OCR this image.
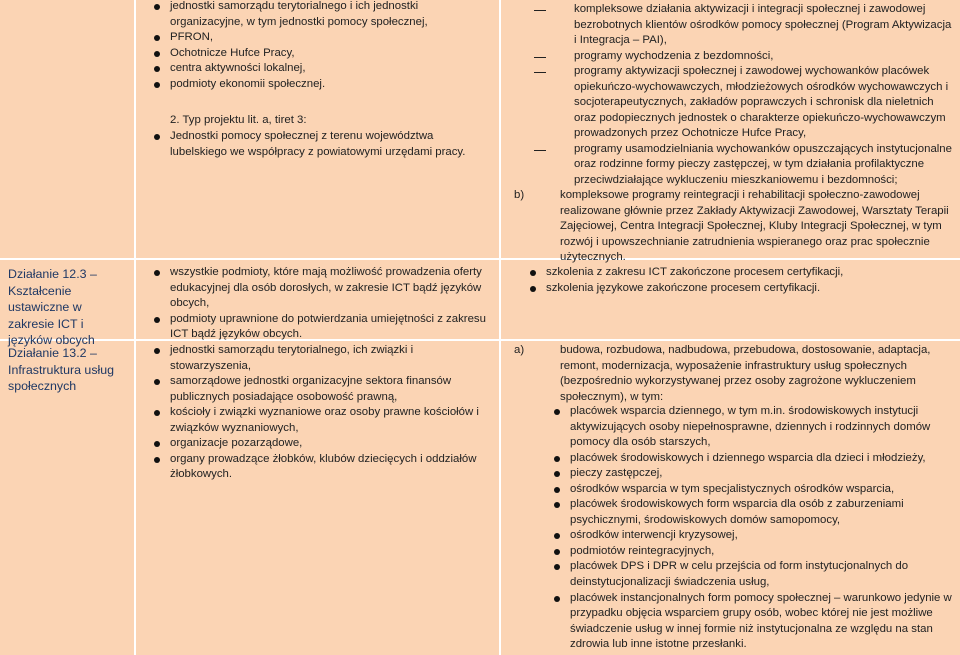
Działanie 12.3 – Kształcenie ustawiczne w zakresie ICT i języków obcych
Działanie 13.2 – Infrastruktura usług społecznych
jednostki samorządu terytorialnego i ich jednostki organizacyjne, w tym jednostki pomocy społecznej,
PFRON,
Ochotnicze Hufce Pracy,
centra aktywności lokalnej,
podmioty ekonomii społecznej.
2. Typ projektu lit. a, tiret 3:
Jednostki pomocy społecznej z terenu województwa lubelskiego we współpracy z powiatowymi urzędami pracy.
wszystkie podmioty, które mają możliwość prowadzenia oferty edukacyjnej dla osób dorosłych, w zakresie ICT bądź języków obcych,
podmioty uprawnione do potwierdzania umiejętności z zakresu ICT bądź języków obcych.
jednostki samorządu terytorialnego, ich związki i stowarzyszenia,
samorządowe jednostki organizacyjne sektora finansów publicznych posiadające osobowość prawną,
kościoły i związki wyznaniowe oraz osoby prawne kościołów i związków wyznaniowych,
organizacje pozarządowe,
organy prowadzące żłobków, klubów dziecięcych i oddziałów żłobkowych.
kompleksowe działania aktywizacji i integracji społecznej i zawodowej bezrobotnych klientów ośrodków pomocy społecznej (Program Aktywizacja i Integracja – PAI),
programy wychodzenia z bezdomności,
programy aktywizacji społecznej i zawodowej wychowanków placówek opiekuńczo-wychowawczych, młodzieżowych ośrodków wychowawczych i socjoterapeutycznych, zakładów poprawczych i schronisk dla nieletnich oraz podopiecznych jednostek o charakterze opiekuńczo-wychowawczym prowadzonych przez Ochotnicze Hufce Pracy,
programy usamodzielniania wychowanków opuszczających instytucjonalne oraz rodzinne formy pieczy zastępczej, w tym działania profilaktyczne przeciwdziałające wykluczeniu mieszkaniowemu i bezdomności;
b)	kompleksowe programy reintegracji i rehabilitacji społeczno-zawodowej realizowane głównie przez Zakłady Aktywizacji Zawodowej, Warsztaty Terapii Zajęciowej, Centra Integracji Społecznej, Kluby Integracji Społecznej, w tym rozwój i upowszechnianie zatrudnienia wspieranego oraz prac społecznie użytecznych.
szkolenia z zakresu ICT zakończone procesem certyfikacji,
szkolenia językowe zakończone procesem certyfikacji.
a)	budowa, rozbudowa, nadbudowa, przebudowa, dostosowanie, adaptacja, remont, modernizacja, wyposażenie infrastruktury usług społecznych (bezpośrednio wykorzystywanej przez osoby zagrożone wykluczeniem społecznym), w tym:
placówek wsparcia dziennego, w tym m.in. środowiskowych instytucji aktywizujących osoby niepełnosprawne, dziennych i rodzinnych domów pomocy dla osób starszych,
placówek środowiskowych i dziennego wsparcia dla dzieci i młodzieży,
pieczy zastępczej,
ośrodków wsparcia w tym specjalistycznych ośrodków wsparcia,
placówek środowiskowych form wsparcia dla osób z zaburzeniami psychicznymi, środowiskowych domów samopomocy,
ośrodków interwencji kryzysowej,
podmiotów reintegracyjnych,
placówek DPS i DPR w celu przejścia od form instytucjonalnych do deinstytucjonalizacji świadczenia usług,
placówek instancjonalnych form pomocy społecznej – warunkowo jedynie w przypadku objęcia wsparciem grupy osób, wobec której nie jest możliwe świadczenie usług w innej formie niż instytucjonalna ze względu na stan zdrowia lub inne istotne przesłanki.
